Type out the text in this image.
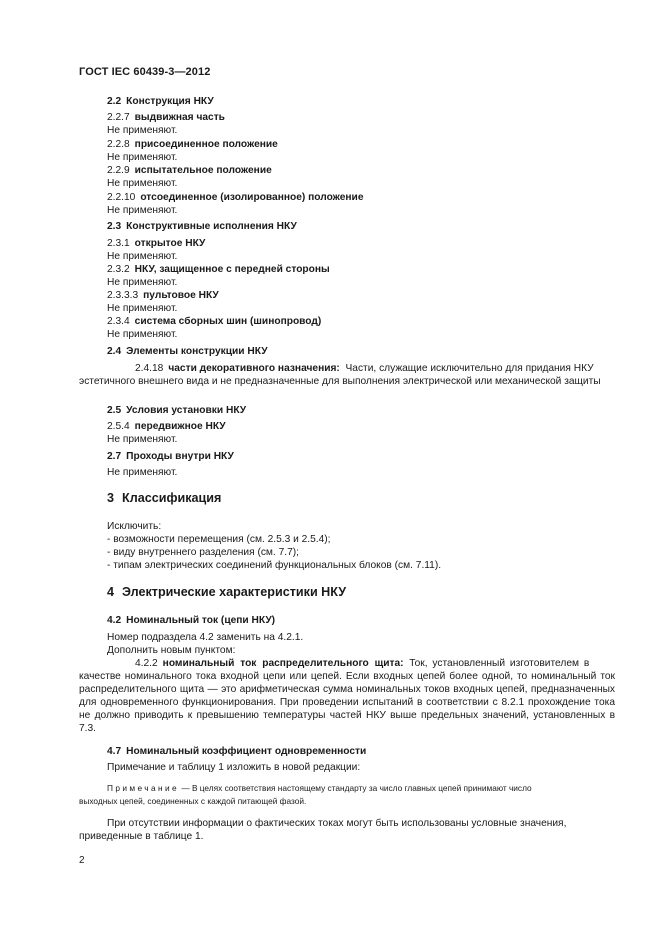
ГОСТ IEC 60439-3—2012
2.2 Конструкция НКУ
2.2.7 выдвижная часть
Не применяют.
2.2.8 присоединенное положение
Не применяют.
2.2.9 испытательное положение
Не применяют.
2.2.10 отсоединенное (изолированное) положение
Не применяют.
2.3 Конструктивные исполнения НКУ
2.3.1 открытое НКУ
Не применяют.
2.3.2 НКУ, защищенное с передней стороны
Не применяют.
2.3.3.3 пультовое НКУ
Не применяют.
2.3.4 система сборных шин (шинопровод)
Не применяют.
2.4 Элементы конструкции НКУ
2.4.18 части декоративного назначения: Части, служащие исключительно для придания НКУ
эстетичного внешнего вида и не предназначенные для выполнения электрической или механической защиты
2.5 Условия установки НКУ
2.5.4 передвижное НКУ
Не применяют.
2.7 Проходы внутри НКУ
Не применяют.
3 Классификация
Исключить:
- возможности перемещения (см. 2.5.3 и 2.5.4);
- виду внутреннего разделения (см. 7.7);
- типам электрических соединений функциональных блоков (см. 7.11).
4 Электрические характеристики НКУ
4.2 Номинальный ток (цепи НКУ)
Номер подраздела 4.2 заменить на 4.2.1.
Дополнить новым пунктом:
4.2.2 номинальный ток распределительного щита: Ток, установленный изготовителем в
качестве номинального тока входной цепи или цепей. Если входных цепей более одной, то номинальный ток распределительного щита — это арифметическая сумма номинальных токов входных цепей, предназначенных для одновременного функционирования. При проведении испытаний в соответствии с 8.2.1 прохождение тока не должно приводить к превышению температуры частей НКУ выше предельных значений, установленных в 7.3.
4.7 Номинальный коэффициент одновременности
Примечание и таблицу 1 изложить в новой редакции:
Примечание — В целях соответствия настоящему стандарту за число главных цепей принимают число
выходных цепей, соединенных с каждой питающей фазой.
При отсутствии информации о фактических токах могут быть использованы условные значения,
приведенные в таблице 1.
2
